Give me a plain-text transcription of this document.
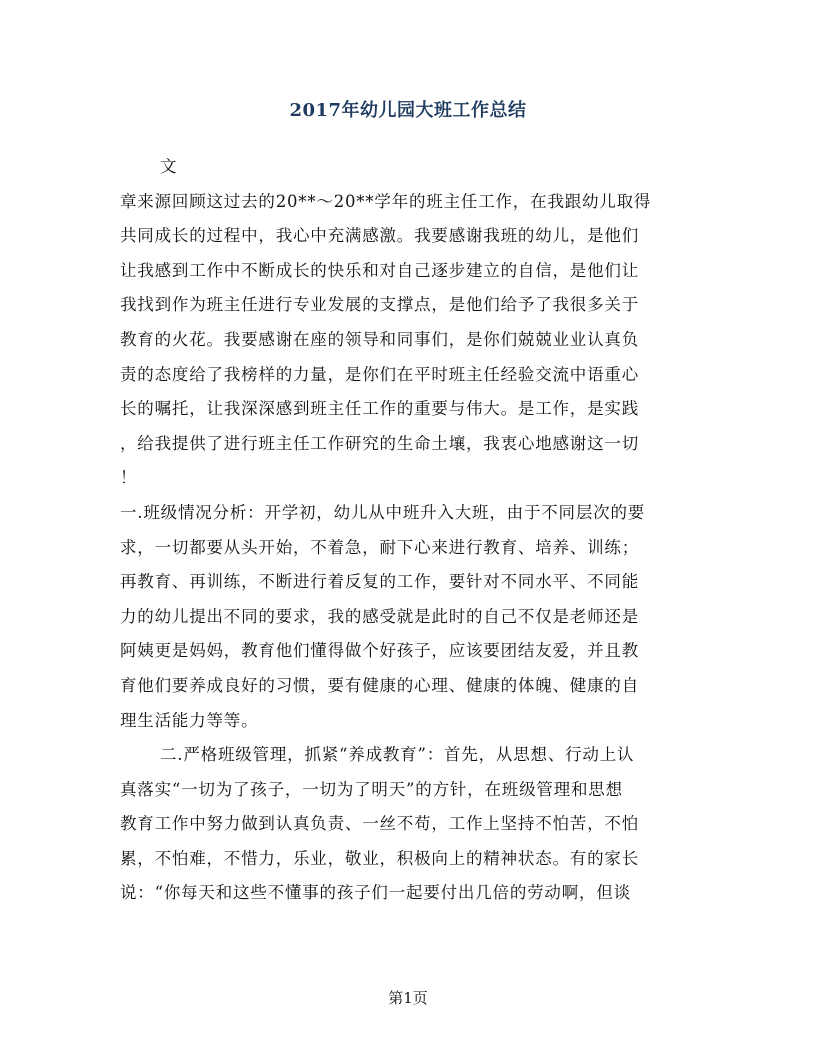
2017年幼儿园大班工作总结
文
章来源回顾这过去的20**～20**学年的班主任工作，在我跟幼儿取得
共同成长的过程中，我心中充满感激。我要感谢我班的幼儿，是他们
让我感到工作中不断成长的快乐和对自己逐步建立的自信，是他们让
我找到作为班主任进行专业发展的支撑点，是他们给予了我很多关于
教育的火花。我要感谢在座的领导和同事们，是你们兢兢业业认真负
责的态度给了我榜样的力量，是你们在平时班主任经验交流中语重心
长的嘱托，让我深深感到班主任工作的重要与伟大。是工作，是实践
，给我提供了进行班主任工作研究的生命土壤，我衷心地感谢这一切
！
一.班级情况分析：开学初，幼儿从中班升入大班，由于不同层次的要
求，一切都要从头开始，不着急，耐下心来进行教育、培养、训练；
再教育、再训练，不断进行着反复的工作，要针对不同水平、不同能
力的幼儿提出不同的要求，我的感受就是此时的自己不仅是老师还是
阿姨更是妈妈，教育他们懂得做个好孩子，应该要团结友爱，并且教
育他们要养成良好的习惯，要有健康的心理、健康的体魄、健康的自
理生活能力等等。
二.严格班级管理，抓紧“养成教育”：首先，从思想、行动上认
真落实“一切为了孩子，一切为了明天”的方针，在班级管理和思想
教育工作中努力做到认真负责、一丝不苟，工作上坚持不怕苦，不怕
累，不怕难，不惜力，乐业，敬业，积极向上的精神状态。有的家长
说：“你每天和这些不懂事的孩子们一起要付出几倍的劳动啊，但谈
第1页
